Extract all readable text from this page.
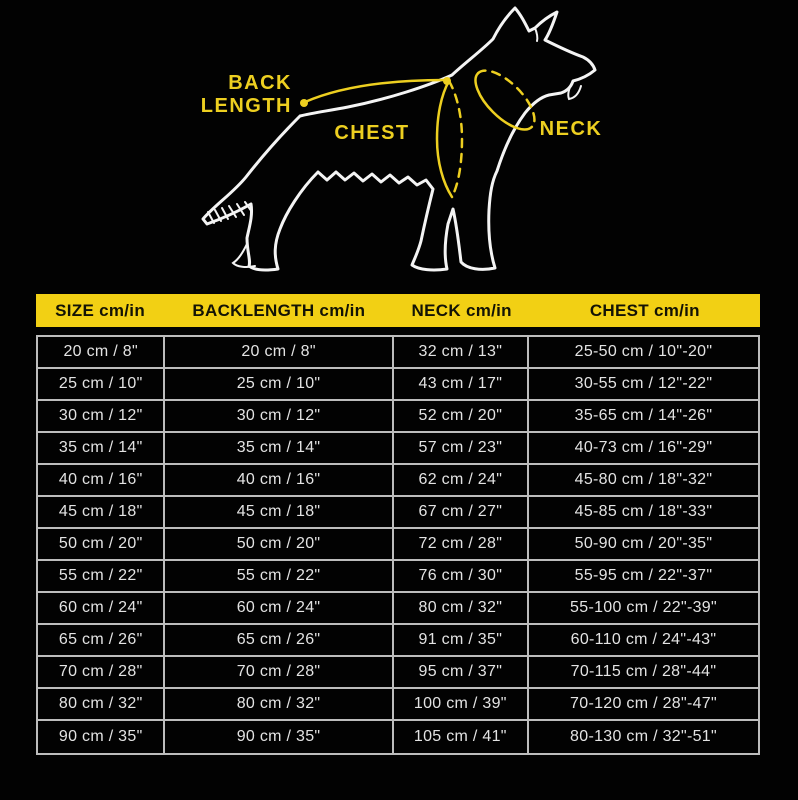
BACK
LENGTH
CHEST	NECK
SIZE cm/in	BACKLENGTH cm/in	NECK cm/in	CHEST cm/in
20 cm / 8"	20 cm / 8"	32 cm / 13"	25-50 cm / 10"-20"
25 cm / 10"	25 cm / 10"	43 cm / 17"	30-55 cm / 12"-22"
30 cm / 12"	30 cm / 12"	52 cm / 20"	35-65 cm / 14"-26"
35 cm / 14"	35 cm / 14"	57 cm / 23"	40-73 cm / 16"-29"
40 cm / 16"	40 cm / 16"	62 cm / 24"	45-80 cm / 18"-32"
45 cm / 18"	45 cm / 18"	67 cm / 27"	45-85 cm / 18"-33"
50 cm / 20"	50 cm / 20"	72 cm / 28"	50-90 cm / 20"-35"
55 cm / 22"	55 cm / 22"	76 cm / 30"	55-95 cm / 22"-37"
60 cm / 24"	60 cm / 24"	80 cm / 32"	55-100 cm / 22"-39"
65 cm / 26"	65 cm / 26"	91 cm / 35"	60-110 cm / 24"-43"
70 cm / 28"	70 cm / 28"	95 cm / 37"	70-115 cm / 28"-44"
80 cm / 32"	80 cm / 32"	100 cm / 39"	70-120 cm / 28"-47"
90 cm / 35"	90 cm / 35"	105 cm / 41"	80-130 cm / 32"-51"
